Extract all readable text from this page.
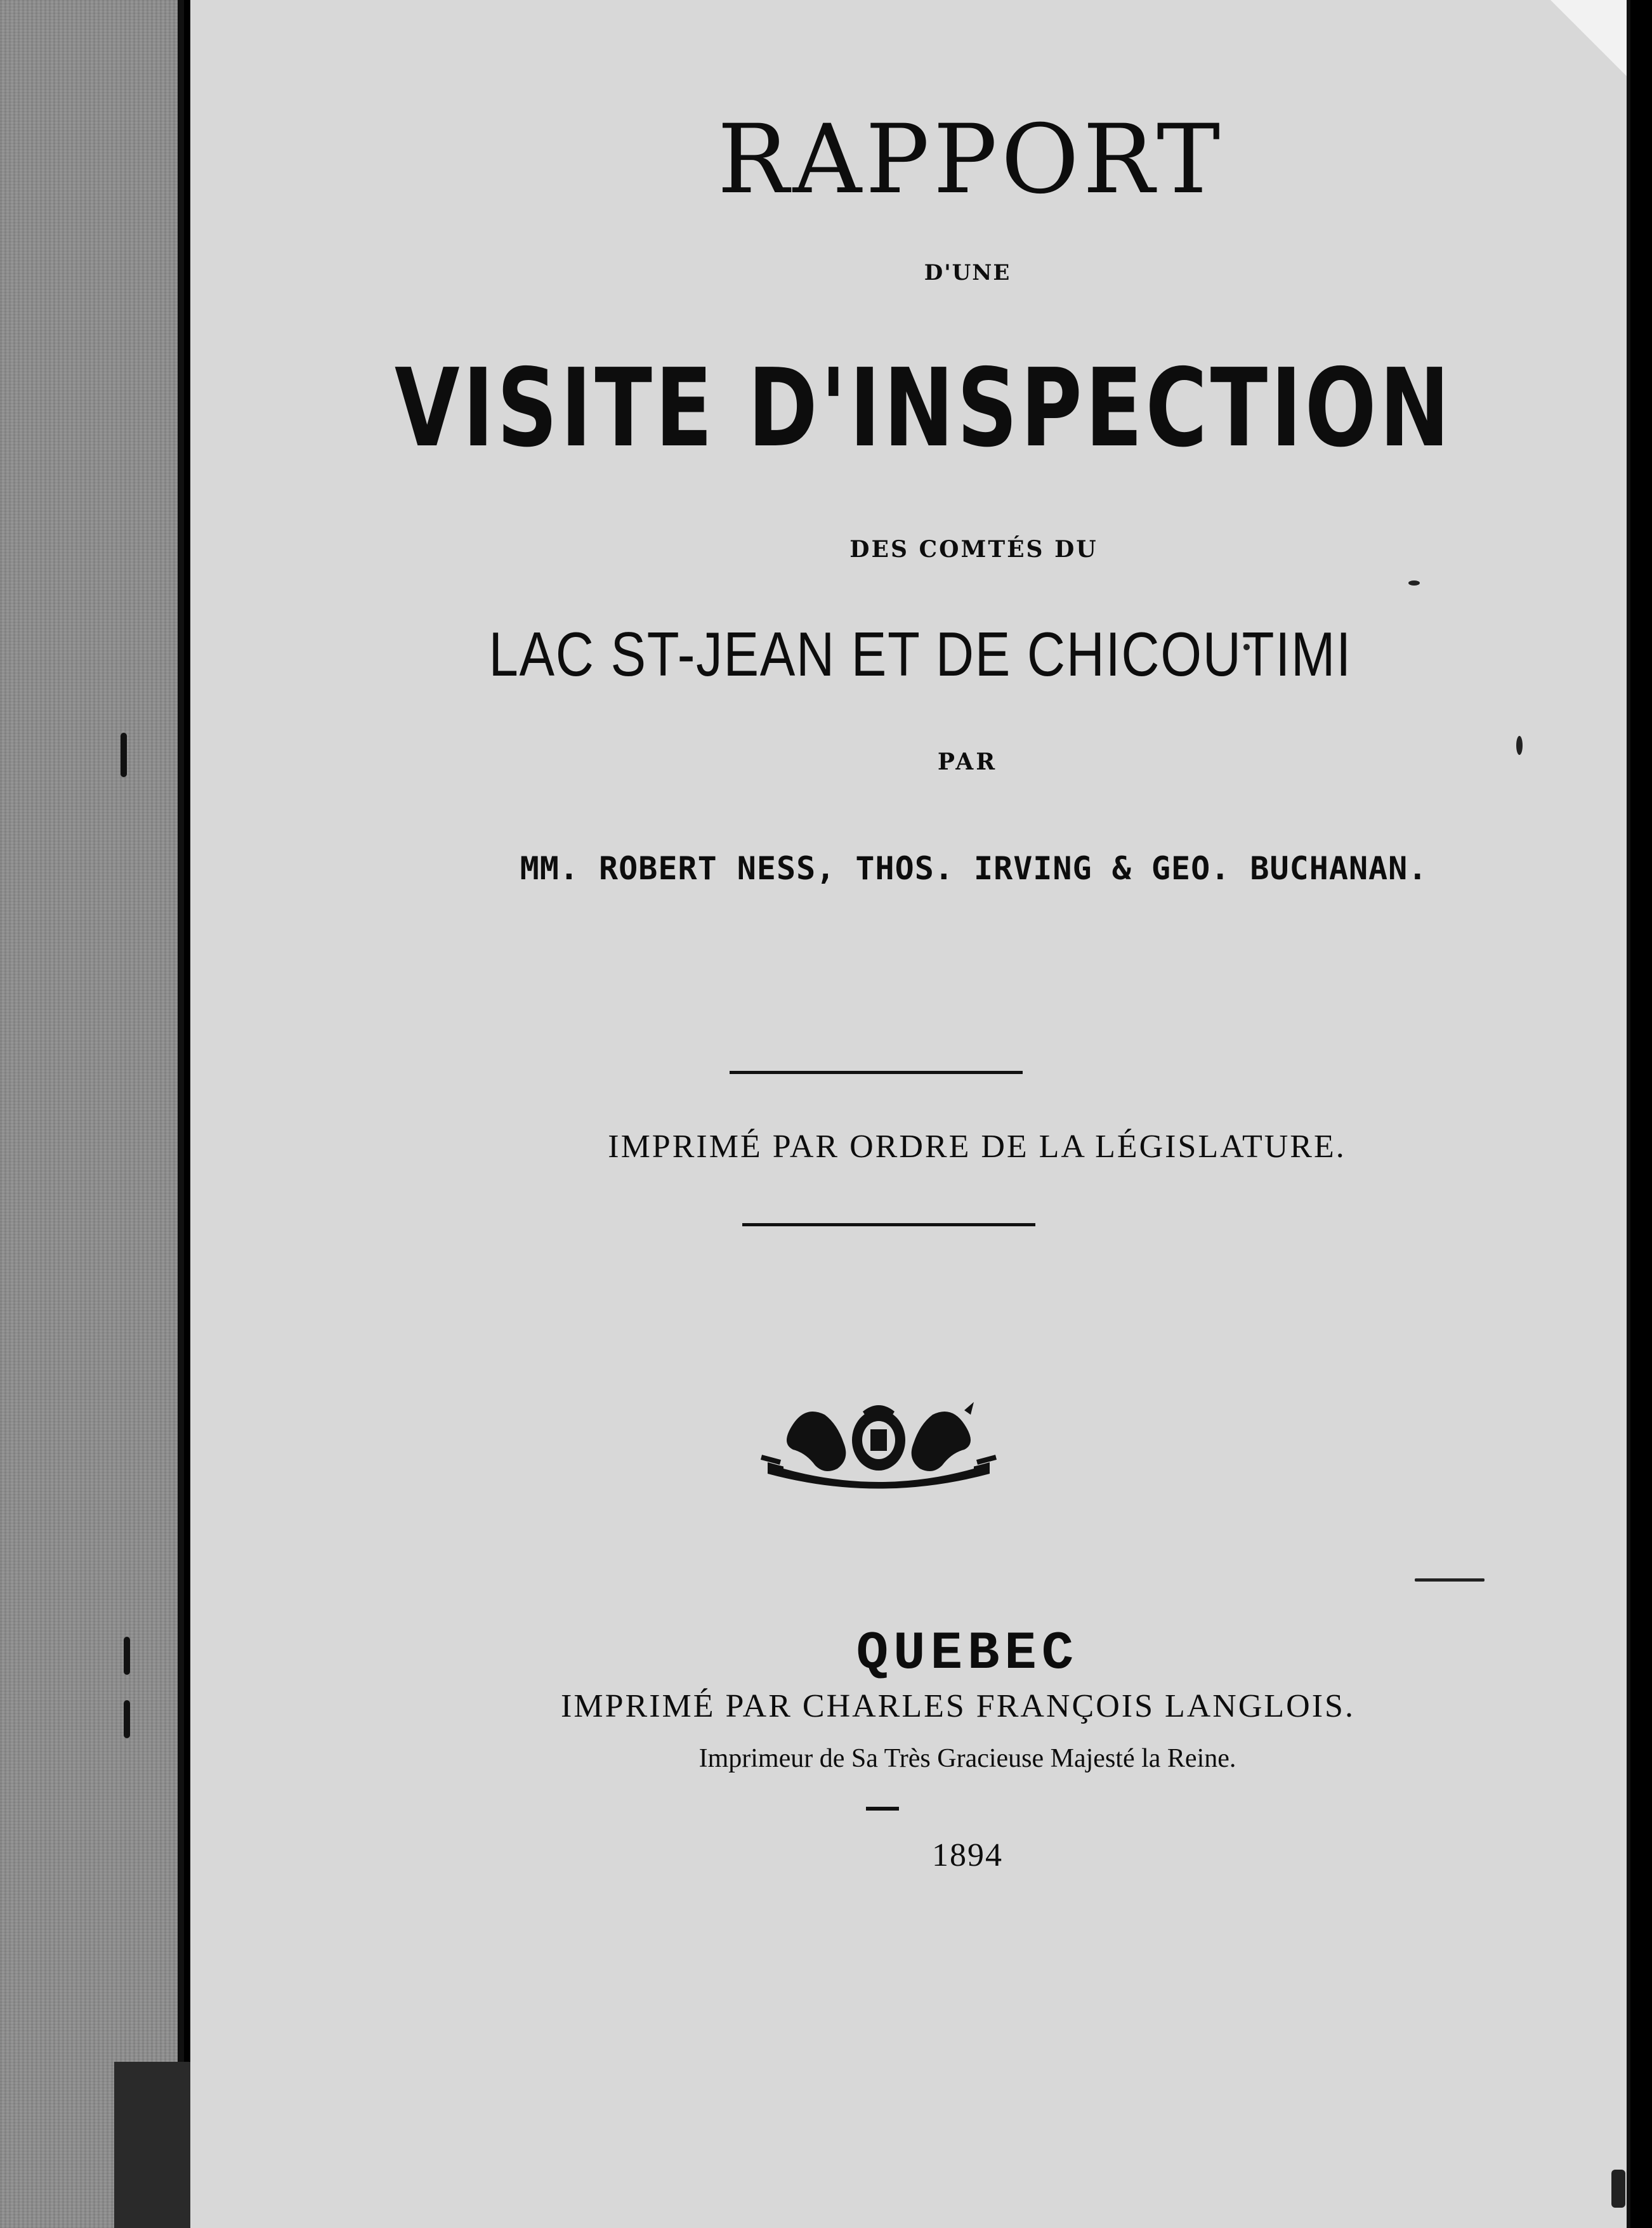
RAPPORT
D'UNE
VISITE D'INSPECTION
DES COMTÉS DU
LAC ST-JEAN ET DE CHICOUTIMI
PAR
MM. ROBERT NESS, THOS. IRVING & GEO. BUCHANAN.
IMPRIMÉ PAR ORDRE DE LA LÉGISLATURE.
QUEBEC
IMPRIMÉ PAR CHARLES FRANÇOIS LANGLOIS.
Imprimeur de Sa Très Gracieuse Majesté la Reine.
1894
